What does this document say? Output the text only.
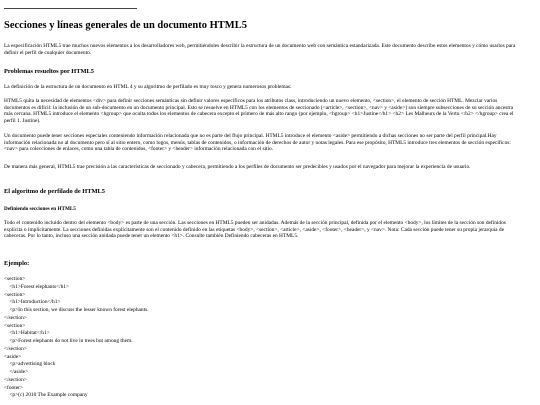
Secciones y líneas generales de un documento HTML5

La especificación HTML5 trae muchos nuevos elementos a los desarrolladores web, permitiéndoles describir la estructura de un documento web con semántica estandarizada. Este documento describe estos elementos y cómo usarlos para definir el perfil de cualquier documento.

Problemas resueltos por HTML5

La definición de la estructura de un documento en HTML 4 y su algoritmo de perfilado es muy tosco y genera numerosos problemas:

HTML5 quita la necesidad de elementos <div> para definir secciones semánticas sin definir valores específicos para los atributos class, introduciendo un nuevo elemento, <section>, el elemento de sección HTML. Mezclar varios documentos es difícil: la inclusión de un sub-documento en un documento principal. Esto se resuelve en HTML5 con los elementos de seccionado (<article>, <section>, <nav> y <aside>) son siempre subsecciones de su sección ancestra más cercana. HTML5 introduce el elemento <hgroup> que oculta todos los elementos de cabecera excepto el primero de más alto rango (por ejemplo, <hgroup> <h1>Justine</h1> <h2> Les Malheurs de la Vertu </h2> </hgroup> crea el perfil 1. Justine).

Un documento puede tener secciones especiales conteniendo información relacionada que no es parte del flujo principal. HTML5 introduce el elemento <aside> permitiendo a dichas secciones no ser parte del perfil principal.Hay información relacionada no al documento pero sí al sitio entero, como logos, menús, tablas de contenidos, o información de derechos de autor y notas legales. Para ese propósito, HTML5 introduce tres elementos de sección específicos: <nav> para colecciones de enlaces, como una tabla de contenidos, <footer> y <header> información relacionada con el sitio.

De manera más general, HTML5 trae precisión a las características de seccionado y cabecera, permitiendo a los perfiles de documento ser predecibles y usados por el navegador para mejorar la experiencia de usuario.

El algoritmo de perfilado de HTML5
Definiendo secciones en HTML5

Todo el contenido incluido dentro del elemento <body> es parte de una sección. Las secciones en HTML5 pueden ser anidadas. Además de la sección principal, definida por el elemento <body>, los límites de la sección son definidos explícita o implícitamente. La secciones definidas explícitamente son el contenido definido en las etiquetas <body>, <section>, <article>, <aside>, <footer>, <header>, y <nav>. Nota: Cada sección puede tener su propia jerarquía de cabeceras. Por lo tanto, incluso una sección anidada puede tener un elemento <h1>. Consulte también Definiendo cabeceras en HTML5.

Ejemplo:
<section>
<h1>Forest elephants</h1>
<section>
<h1>Introduction</h1>
<p>In this section, we discuss the lesser known forest elephants.
</section>
<section>
<h1>Habitat</h1>
<p>Forest elephants do not live in trees but among them.
</section>
<aside>
<p>advertising block
</aside>
</section>
<footer>
<p>(c) 2010 The Example company
